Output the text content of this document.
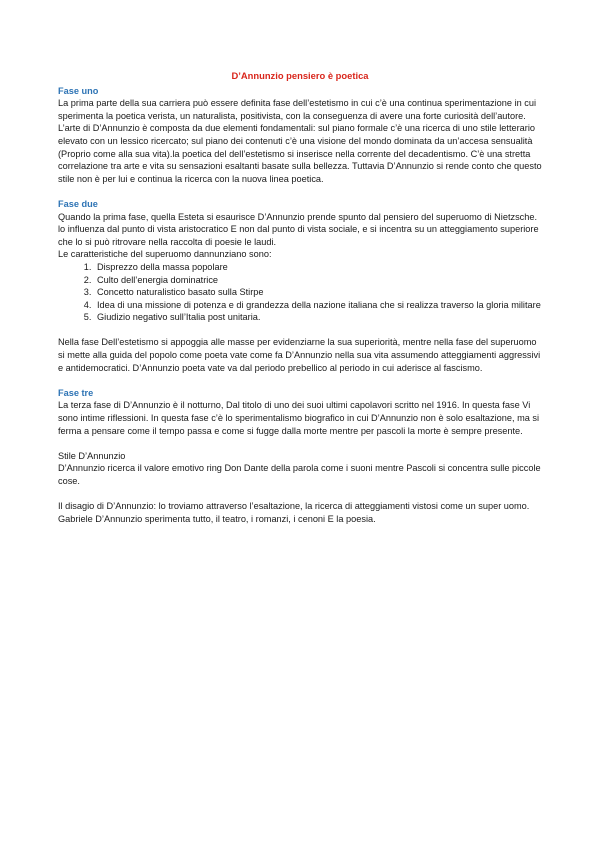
D’Annunzio pensiero è poetica

Fase uno

La prima parte della sua carriera può essere definita fase dell’estetismo in cui c’è una continua sperimentazione in cui sperimenta la poetica verista, un naturalista, positivista, con la conseguenza di avere una forte curiosità dell’autore. L’arte di D’Annunzio è composta da due elementi fondamentali: sul piano formale c’è una ricerca di uno stile letterario elevato con un lessico ricercato; sul piano dei contenuti c’è una visione del mondo dominata da un’accesa sensualità (Proprio come alla sua vita).la poetica del dell’estetismo si inserisce nella corrente del decadentismo. C’è una stretta correlazione tra arte e vita su sensazioni esaltanti basate sulla bellezza. Tuttavia D’Annunzio si rende conto che questo stile non è per lui e continua la ricerca con la nuova linea poetica.

Fase due

Quando la prima fase, quella Esteta si esaurisce D’Annunzio prende spunto dal pensiero del superuomo di Nietzsche. lo influenza dal punto di vista aristocratico E non dal punto di vista sociale, e si incentra su un atteggiamento superiore che lo si può ritrovare nella raccolta di poesie le laudi.

Le caratteristiche del superuomo dannunziano sono:

1. Disprezzo della massa popolare
2. Culto dell’energia dominatrice
3. Concetto naturalistico basato sulla Stirpe
4. Idea di una missione di potenza e di grandezza della nazione italiana che si realizza traverso la gloria militare
5. Giudizio negativo sull’Italia post unitaria.

Nella fase Dell’estetismo si appoggia alle masse per evidenziarne la sua superiorità, mentre nella fase del superuomo si mette alla guida del popolo come poeta vate come fa D’Annunzio nella sua vita assumendo atteggiamenti aggressivi e antidemocratici. D’Annunzio poeta vate va dal periodo prebellico al periodo in cui aderisce al fascismo.

Fase tre

La terza fase di D’Annunzio è il notturno, Dal titolo di uno dei suoi ultimi capolavori scritto nel 1916. In questa fase Vi sono intime riflessioni. In questa fase c’è lo sperimentalismo biografico in cui D’Annunzio non è solo esaltazione, ma si ferma a pensare come il tempo passa e come si fugge dalla morte mentre per pascoli la morte è sempre presente.

Stile D’Annunzio

D’Annunzio ricerca il valore emotivo ring Don Dante della parola come i suoni mentre Pascoli si concentra sulle piccole cose.

Il disagio di D’Annunzio: lo troviamo attraverso l’esaltazione, la ricerca di atteggiamenti vistosi come un super uomo. Gabriele D’Annunzio sperimenta tutto, il teatro, i romanzi, i cenoni E la poesia.
